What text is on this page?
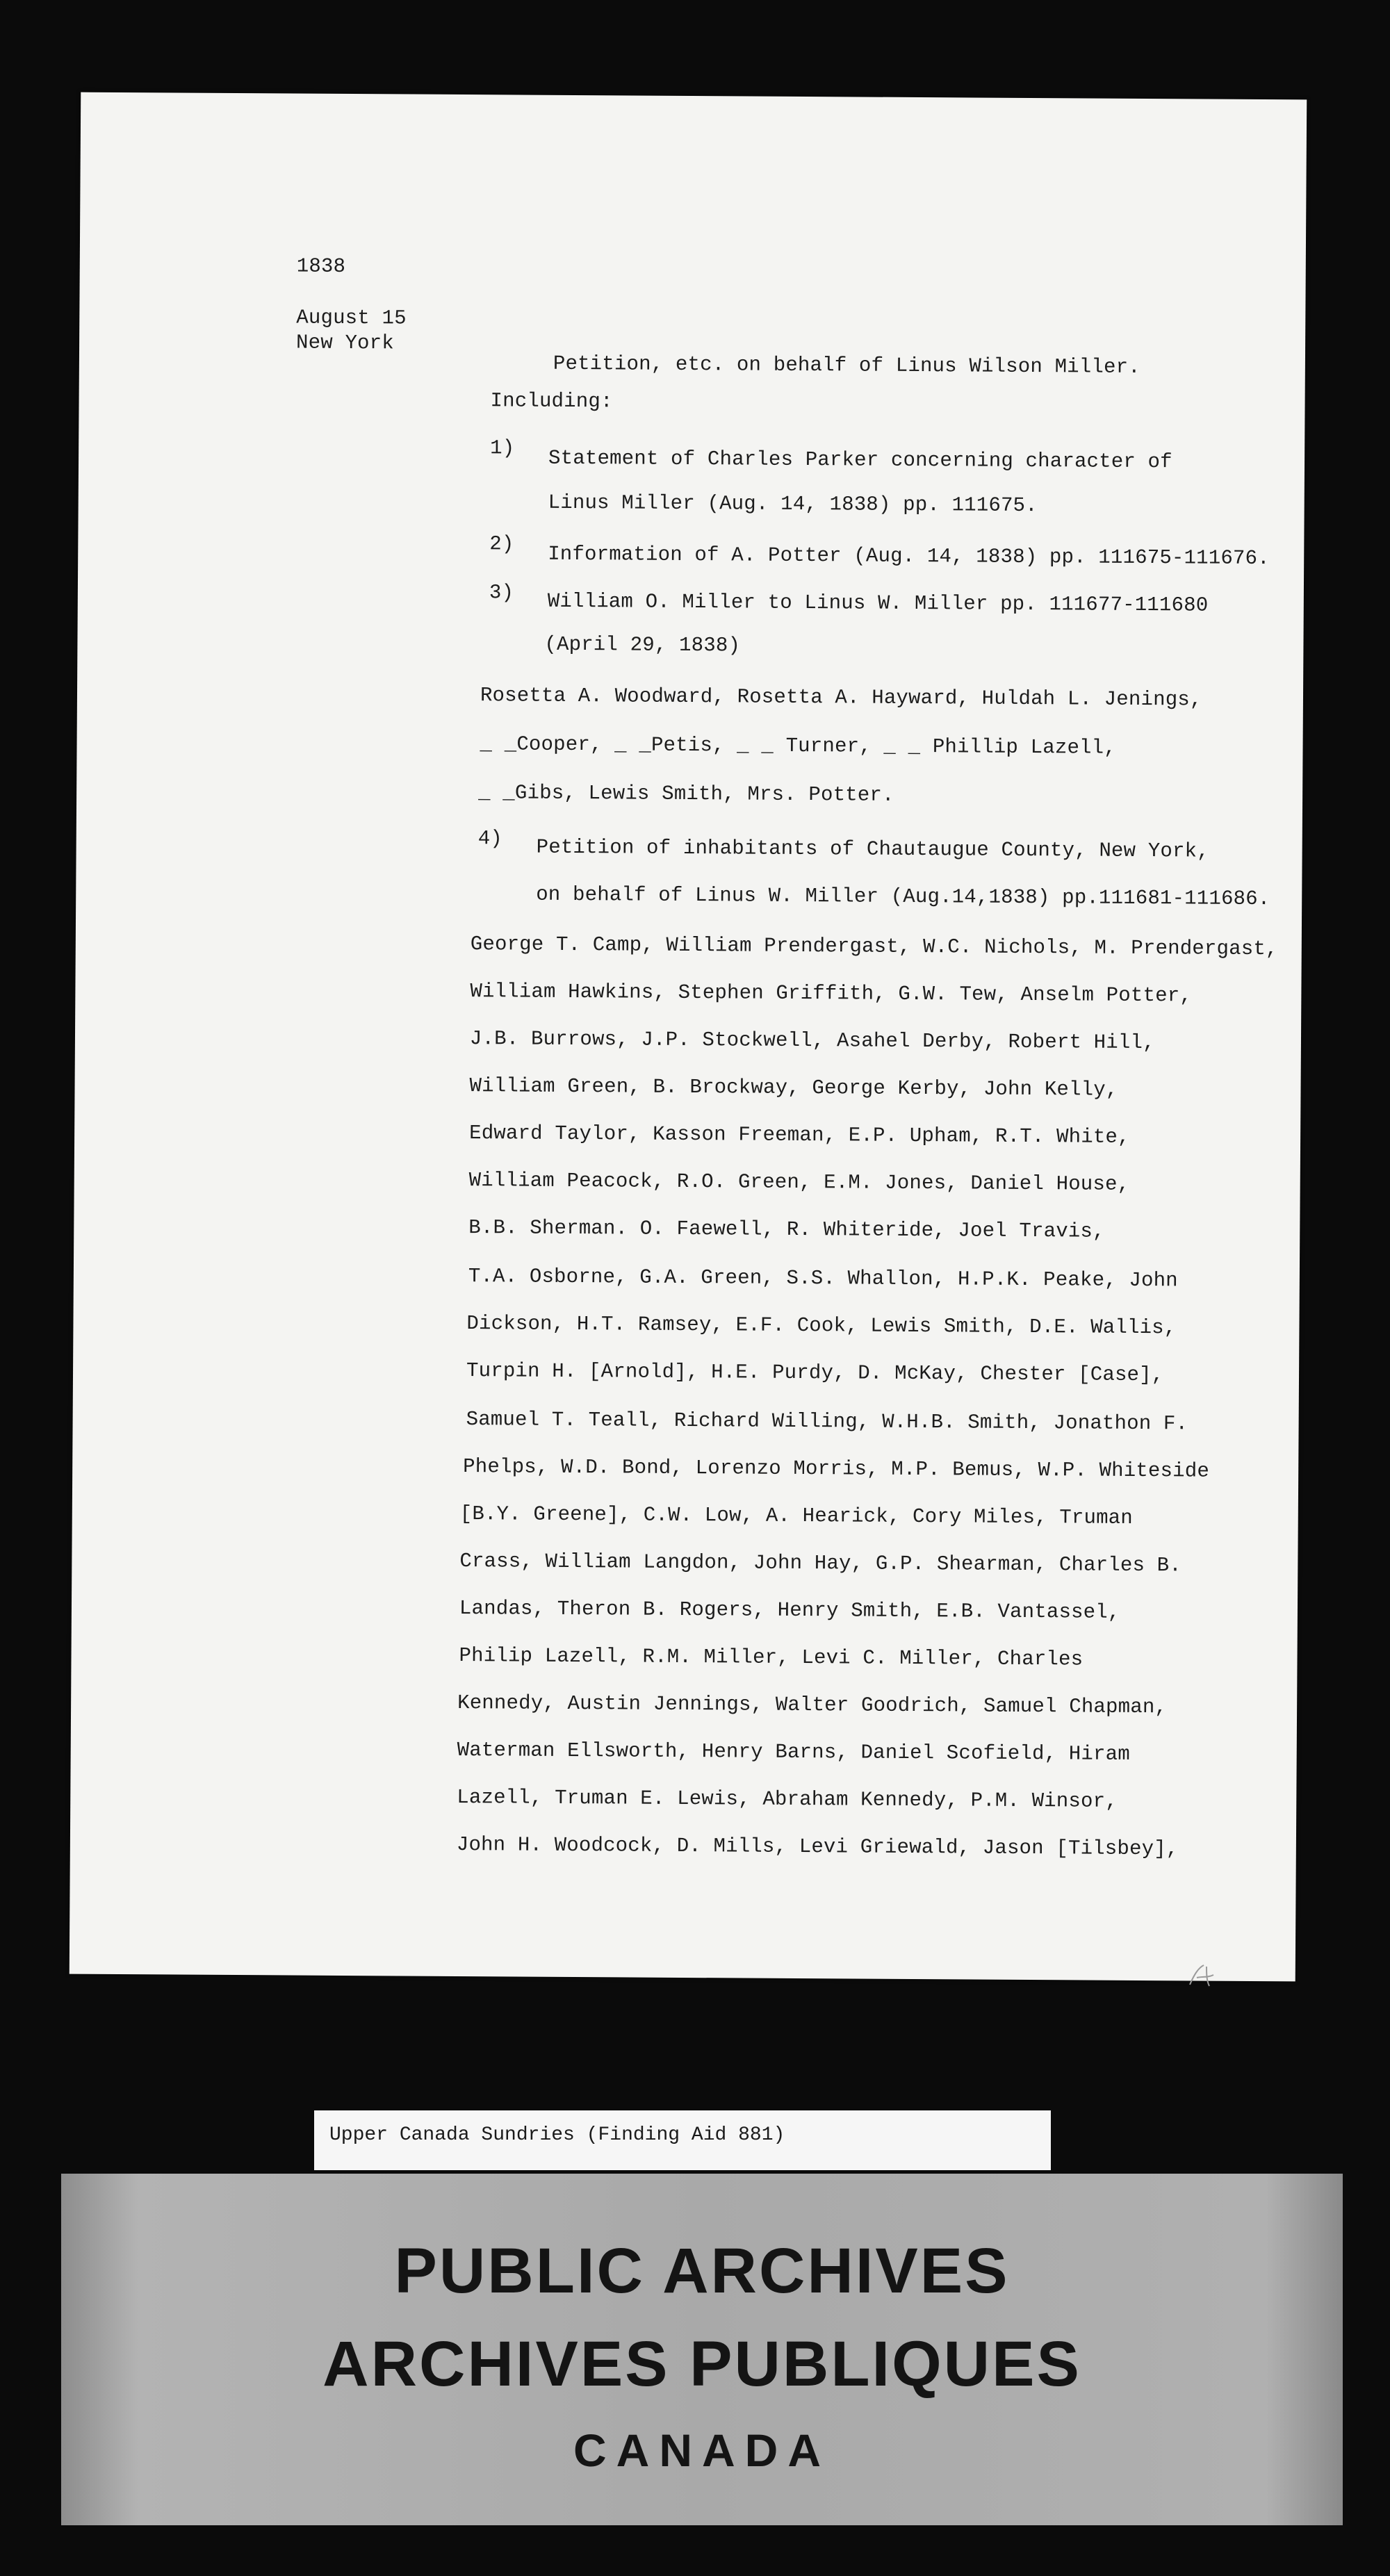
1838
August 15
New York
Petition, etc. on behalf of Linus Wilson Miller.
Including:
1) Statement of Charles Parker concerning character of
Linus Miller (Aug. 14, 1838) pp. 111675.
2) Information of A. Potter (Aug. 14, 1838) pp. 111675-111676.
3) William O. Miller to Linus W. Miller pp. 111677-111680
(April 29, 1838)
Rosetta A. Woodward, Rosetta A. Hayward, Huldah L. Jenings,
_ _Cooper, _ _Petis, _ _ Turner, _ _ Phillip Lazell,
_ _Gibs, Lewis Smith, Mrs. Potter.
4) Petition of inhabitants of Chautaugue County, New York,
on behalf of Linus W. Miller (Aug.14,1838) pp.111681-111686.
George T. Camp, William Prendergast, W.C. Nichols, M. Prendergast,
William Hawkins, Stephen Griffith, G.W. Tew, Anselm Potter,
J.B. Burrows, J.P. Stockwell, Asahel Derby, Robert Hill,
William Green, B. Brockway, George Kerby, John Kelly,
Edward Taylor, Kasson Freeman, E.P. Upham, R.T. White,
William Peacock, R.O. Green, E.M. Jones, Daniel House,
B.B. Sherman. O. Faewell, R. Whiteride, Joel Travis,
T.A. Osborne, G.A. Green, S.S. Whallon, H.P.K. Peake, John
Dickson, H.T. Ramsey, E.F. Cook, Lewis Smith, D.E. Wallis,
Turpin H. [Arnold], H.E. Purdy, D. McKay, Chester [Case],
Samuel T. Teall, Richard Willing, W.H.B. Smith, Jonathon F.
Phelps, W.D. Bond, Lorenzo Morris, M.P. Bemus, W.P. Whiteside
[B.Y. Greene], C.W. Low, A. Hearick, Cory Miles, Truman
Crass, William Langdon, John Hay, G.P. Shearman, Charles B.
Landas, Theron B. Rogers, Henry Smith, E.B. Vantassel,
Philip Lazell, R.M. Miller, Levi C. Miller, Charles
Kennedy, Austin Jennings, Walter Goodrich, Samuel Chapman,
Waterman Ellsworth, Henry Barns, Daniel Scofield, Hiram
Lazell, Truman E. Lewis, Abraham Kennedy, P.M. Winsor,
John H. Woodcock, D. Mills, Levi Griewald, Jason [Tilsbey],
Upper Canada Sundries (Finding Aid 881)
PUBLIC ARCHIVES
ARCHIVES PUBLIQUES
CANADA
